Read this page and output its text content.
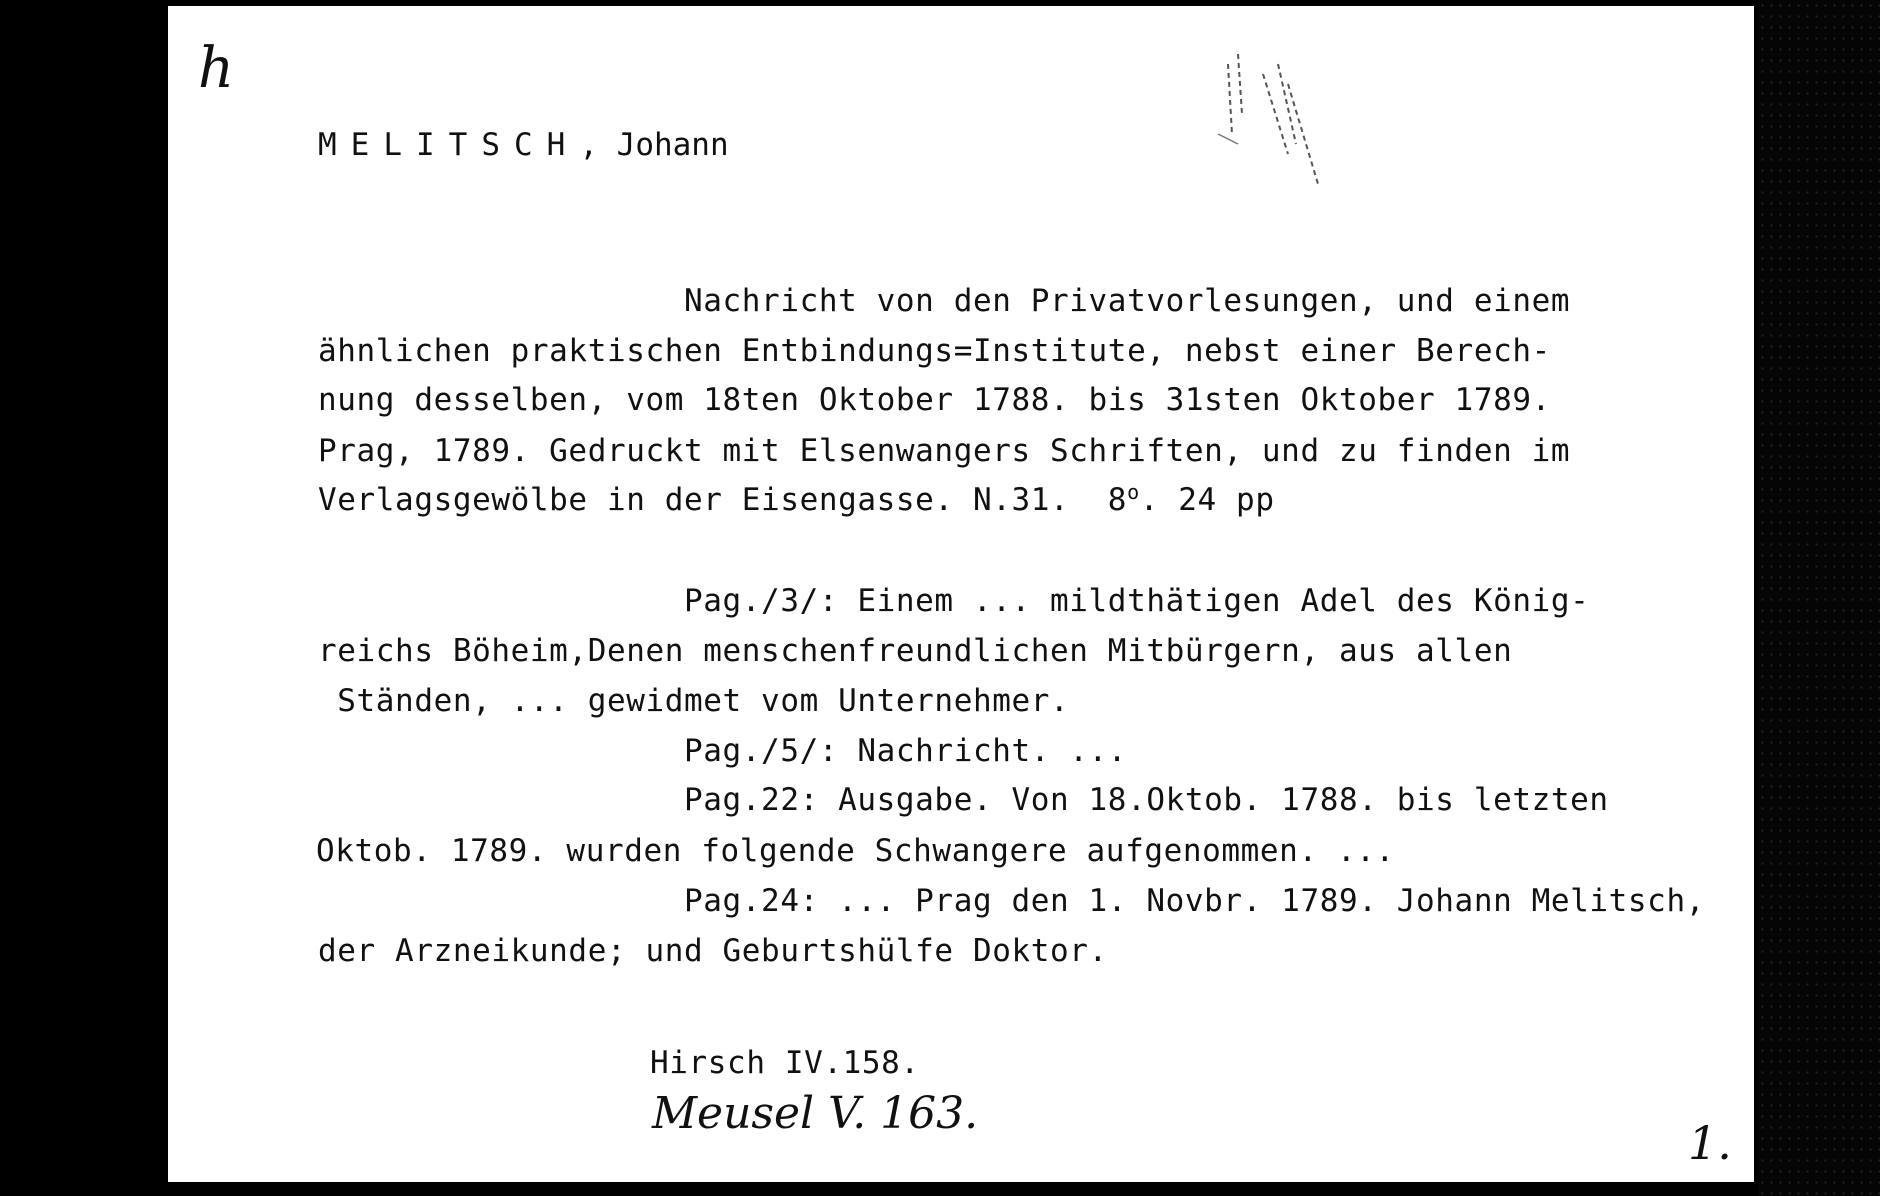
h
MELITSCH, Johann
Nachricht von den Privatvorlesungen, und einem
ähnlichen praktischen Entbindungs=Institute, nebst einer Berech-
nung desselben, vom 18ten Oktober 1788. bis 31sten Oktober 1789.
Prag, 1789. Gedruckt mit Elsenwangers Schriften, und zu finden im
Verlagsgewölbe in der Eisengasse. N.31.  8$^o$. 24 pp
Pag./3/: Einem ... mildthätigen Adel des König-
reichs Böheim,Denen menschenfreundlichen Mitbürgern, aus allen
Ständen, ... gewidmet vom Unternehmer.
Pag./5/: Nachricht. ...
Pag.22: Ausgabe. Von 18.Oktob. 1788. bis letzten
Oktob. 1789. wurden folgende Schwangere aufgenommen. ...
Pag.24: ... Prag den 1. Novbr. 1789. Johann Melitsch,
der Arzneikunde; und Geburtshülfe Doktor.
Hirsch IV.158.
Meusel V. 163.
1.
